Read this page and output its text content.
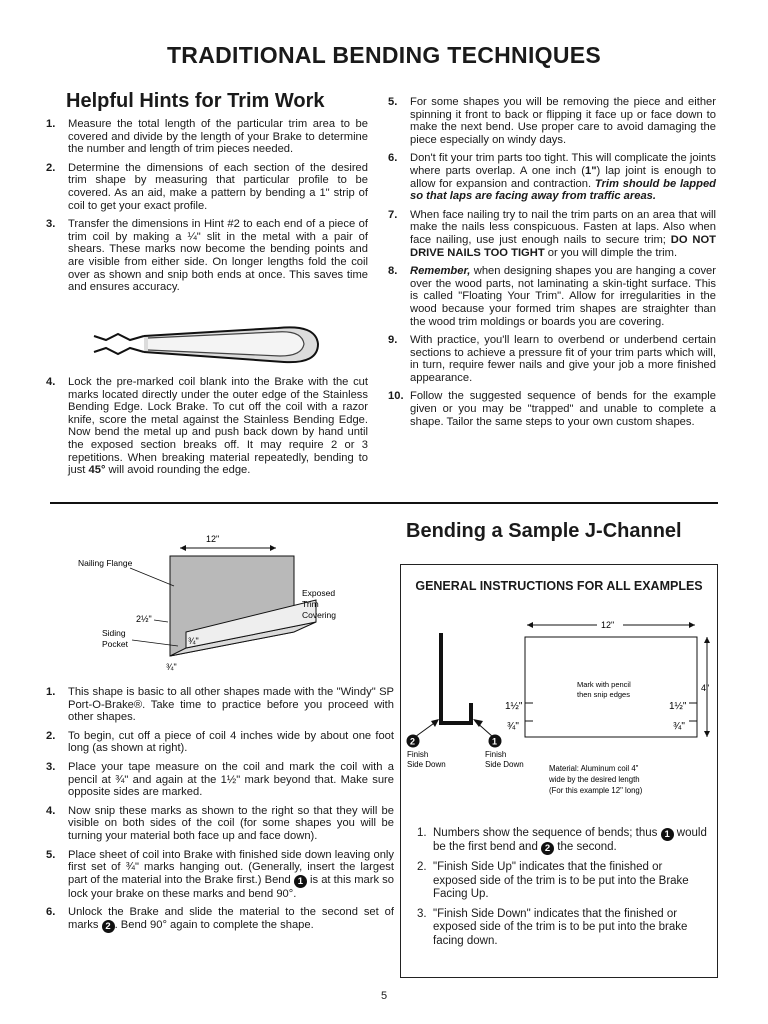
TRADITIONAL BENDING TECHNIQUES
Helpful Hints for Trim Work
1. Measure the total length of the particular trim area to be covered and divide by the length of your Brake to determine the number and length of trim pieces needed.
2. Determine the dimensions of each section of the desired trim shape by measuring that particular profile to be covered. As an aid, make a pattern by bending a 1" strip of coil to get your exact profile.
3. Transfer the dimensions in Hint #2 to each end of a piece of trim coil by making a ¼" slit in the metal with a pair of shears. These marks now become the bending points and are visible from either side. On longer lengths fold the coil over as shown and snip both ends at once. This saves time and ensures accuracy.
4. Lock the pre-marked coil blank into the Brake with the cut marks located directly under the outer edge of the Stainless Bending Edge. Lock Brake. To cut off the coil with a razor knife, score the metal against the Stainless Bending Edge. Now bend the metal up and push back down by hand until the exposed section breaks off. It may require 2 or 3 repetitions. When breaking material repeatedly, bending to just 45° will avoid rounding the edge.
5. For some shapes you will be removing the piece and either spinning it front to back or flipping it face up or face down to make the next bend. Use proper care to avoid damaging the piece especially on windy days.
6. Don't fit your trim parts too tight. This will complicate the joints where parts overlap. A one inch (1") lap joint is enough to allow for expansion and contraction. Trim should be lapped so that laps are facing away from traffic areas.
7. When face nailing try to nail the trim parts on an area that will make the nails less conspicuous. Fasten at laps. Also when face nailing, use just enough nails to secure trim; DO NOT DRIVE NAILS TOO TIGHT or you will dimple the trim.
8. Remember, when designing shapes you are hanging a cover over the wood parts, not laminating a skin-tight surface. This is called "Floating Your Trim". Allow for irregularities in the wood because your formed trim shapes are straighter than the wood trim moldings or boards you are covering.
9. With practice, you'll learn to overbend or underbend certain sections to achieve a pressure fit of your trim parts which will, in turn, require fewer nails and give your job a more finished appearance.
10. Follow the suggested sequence of bends for the example given or you may be "trapped" and unable to complete a shape. Tailor the same steps to your own custom shapes.
12"
Nailing Flange
Exposed
Trim
Covering
2½"
Siding
Pocket	¾"
¾"
1. This shape is basic to all other shapes made with the "Windy" SP Port-O-Brake®. Take time to practice before you proceed with other shapes.
2. To begin, cut off a piece of coil 4 inches wide by about one foot long (as shown at right).
3. Place your tape measure on the coil and mark the coil with a pencil at ¾" and again at the 1½" mark beyond that. Make sure opposite sides are marked.
4. Now snip these marks as shown to the right so that they will be visible on both sides of the coil (for some shapes you will be turning your material both face up and face down).
5. Place sheet of coil into Brake with finished side down leaving only first set of ¾" marks hanging out. (Generally, insert the largest part of the material into the Brake first.) Bend 1 is at this mark so lock your brake on these marks and bend 90°.
6. Unlock the Brake and slide the material to the second set of marks 2 . Bend 90° again to complete the shape.
Bending a Sample J-Channel
GENERAL INSTRUCTIONS FOR ALL EXAMPLES
2	1
Finish
Side Down
Finish
Side Down
12"
Mark with pencil
then snip edges
1½"
¾"
1½"
¾"
4"
Material: Aluminum coil 4"
wide by the desired length
(For this example 12" long)
1. Numbers show the sequence of bends; thus 1 would be the first bend and 2 the second.
2. "Finish Side Up" indicates that the finished or exposed side of the trim is to be put into the Brake Facing Up.
3. "Finish Side Down" indicates that the finished or exposed side of the trim is to be put into the brake facing down.
5
